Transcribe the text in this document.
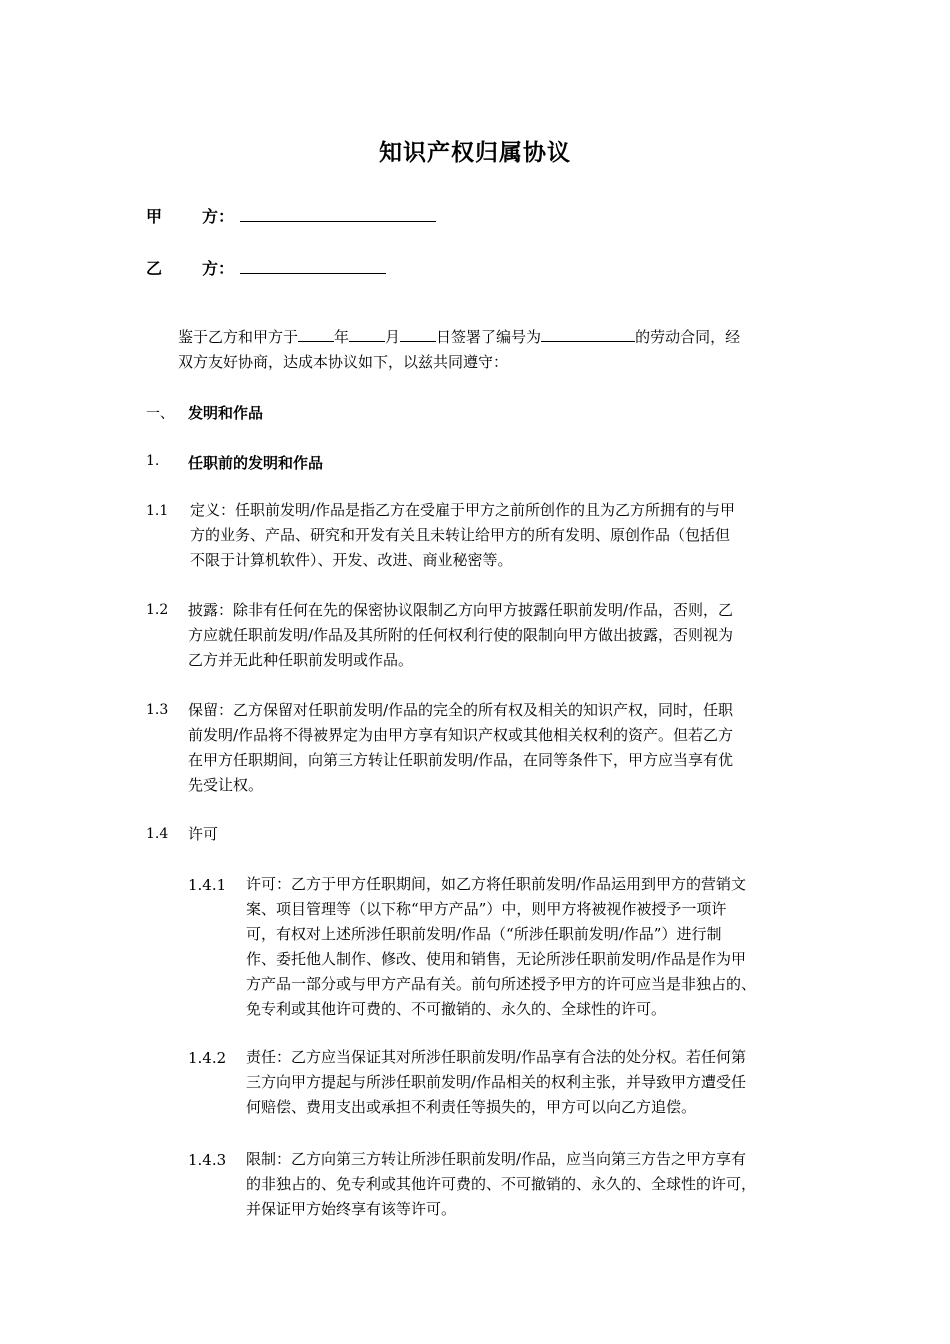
知识产权归属协议
甲 方：
乙 方：
鉴于乙方和甲方于 年 月 日签署了编号为	的劳动合同，经
双方友好协商，达成本协议如下，以兹共同遵守：
一、 发明和作品
1. 任职前的发明和作品
1.1 定义：任职前发明/作品是指乙方在受雇于甲方之前所创作的且为乙方所拥有的与甲
方的业务、产品、研究和开发有关且未转让给甲方的所有发明、原创作品（包括但
不限于计算机软件）、开发、改进、商业秘密等。
1.2 披露：除非有任何在先的保密协议限制乙方向甲方披露任职前发明/作品，否则，乙
方应就任职前发明/作品及其所附的任何权利行使的限制向甲方做出披露，否则视为
乙方并无此种任职前发明或作品。
1.3 保留：乙方保留对任职前发明/作品的完全的所有权及相关的知识产权，同时，任职
前发明/作品将不得被界定为由甲方享有知识产权或其他相关权利的资产。但若乙方
在甲方任职期间，向第三方转让任职前发明/作品，在同等条件下，甲方应当享有优
先受让权。
1.4 许可
1.4.1 许可：乙方于甲方任职期间，如乙方将任职前发明/作品运用到甲方的营销文
案、项目管理等（以下称“甲方产品”）中，则甲方将被视作被授予一项许
可，有权对上述所涉任职前发明/作品（“所涉任职前发明/作品”）进行制
作、委托他人制作、修改、使用和销售，无论所涉任职前发明/作品是作为甲
方产品一部分或与甲方产品有关。前句所述授予甲方的许可应当是非独占的、
免专利或其他许可费的、不可撤销的、永久的、全球性的许可。
1.4.2 责任：乙方应当保证其对所涉任职前发明/作品享有合法的处分权。若任何第
三方向甲方提起与所涉任职前发明/作品相关的权利主张，并导致甲方遭受任
何赔偿、费用支出或承担不利责任等损失的，甲方可以向乙方追偿。
1.4.3 限制：乙方向第三方转让所涉任职前发明/作品，应当向第三方告之甲方享有
的非独占的、免专利或其他许可费的、不可撤销的、永久的、全球性的许可，
并保证甲方始终享有该等许可。
